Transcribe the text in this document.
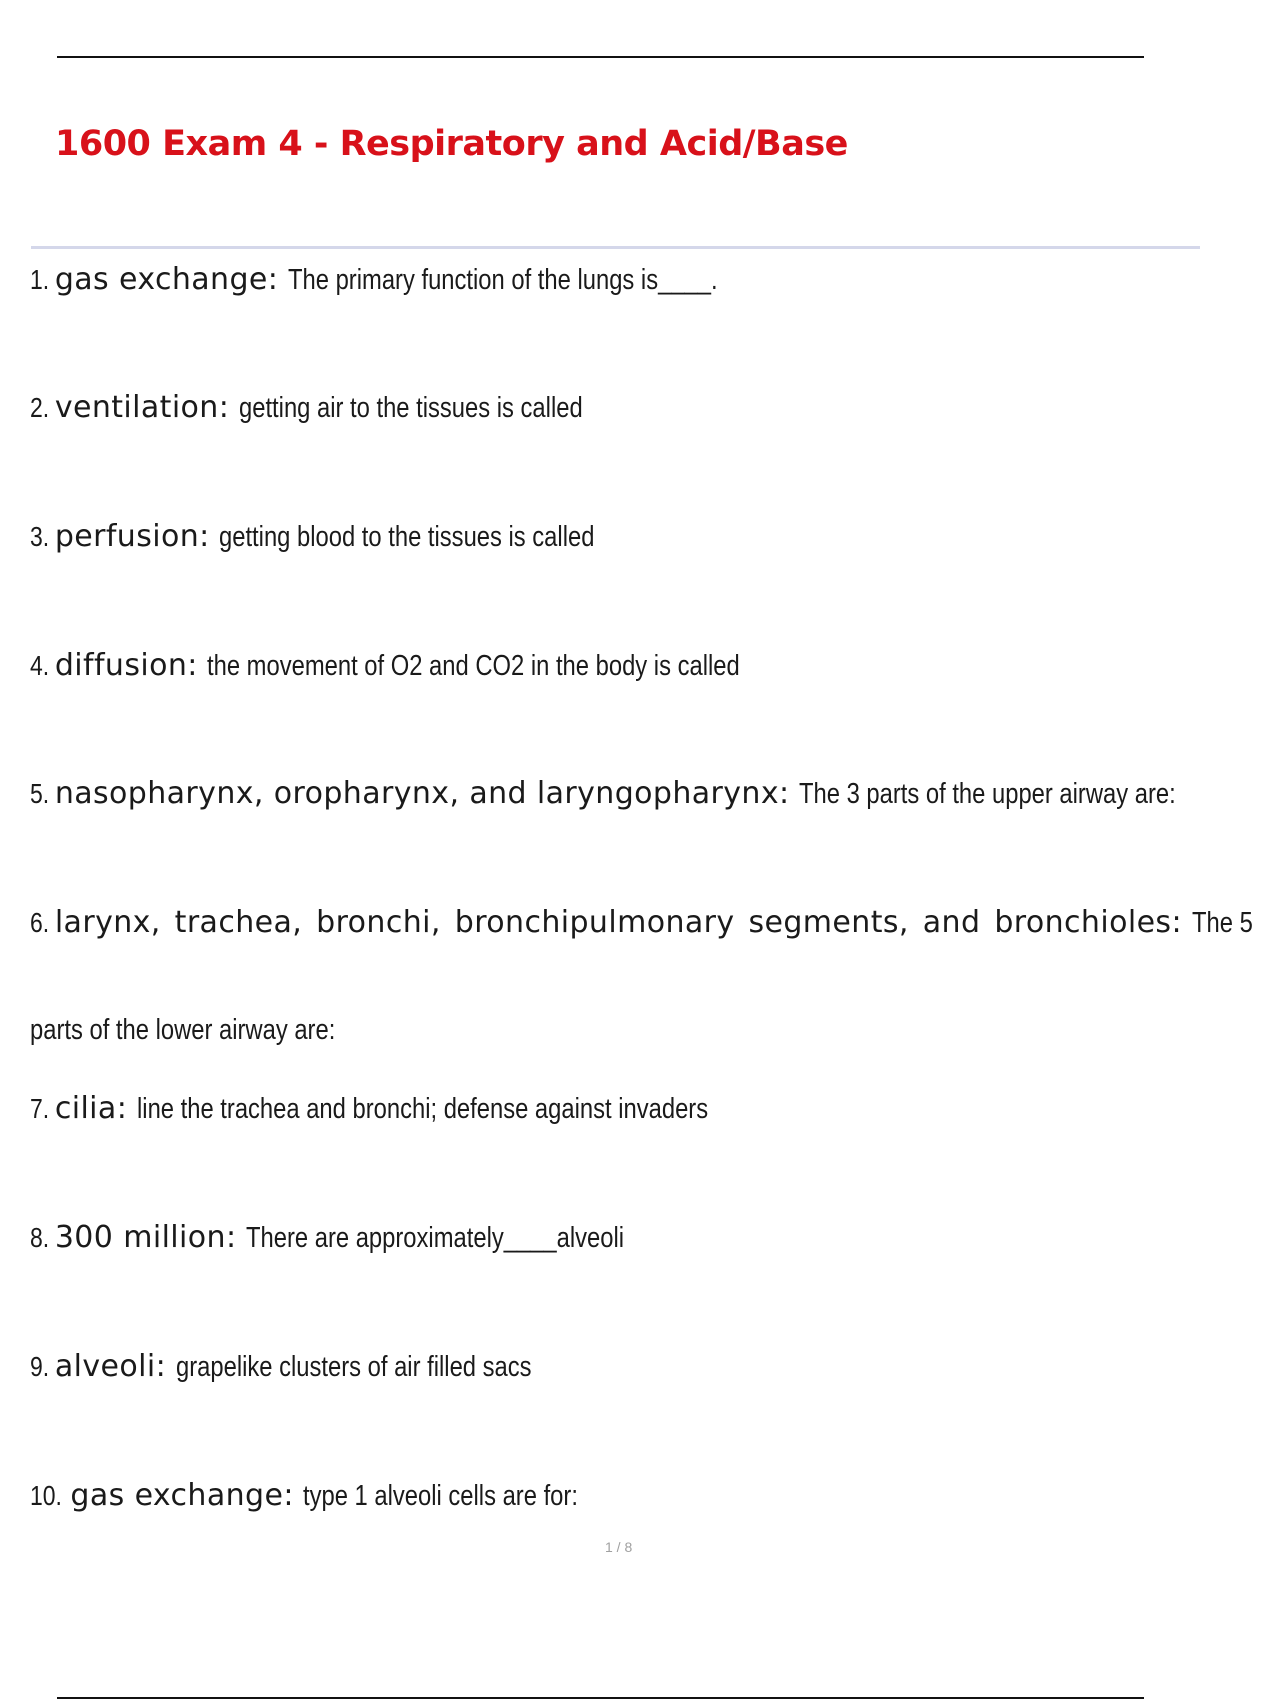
1600 Exam 4 - Respiratory and Acid/Base

1. gas exchange: The primary function of the lungs is____.

2. ventilation: getting air to the tissues is called

3. perfusion: getting blood to the tissues is called

4. diffusion: the movement of O2 and CO2 in the body is called

5. nasopharynx, oropharynx, and laryngopharynx: The 3 parts of the upper airway are:

6. larynx, trachea, bronchi, bronchipulmonary segments, and bronchioles: The 5

parts of the lower airway are:

7. cilia: line the trachea and bronchi; defense against invaders

8. 300 million: There are approximately____alveoli

9. alveoli: grapelike clusters of air filled sacs

10. gas exchange: type 1 alveoli cells are for:

1 / 8
